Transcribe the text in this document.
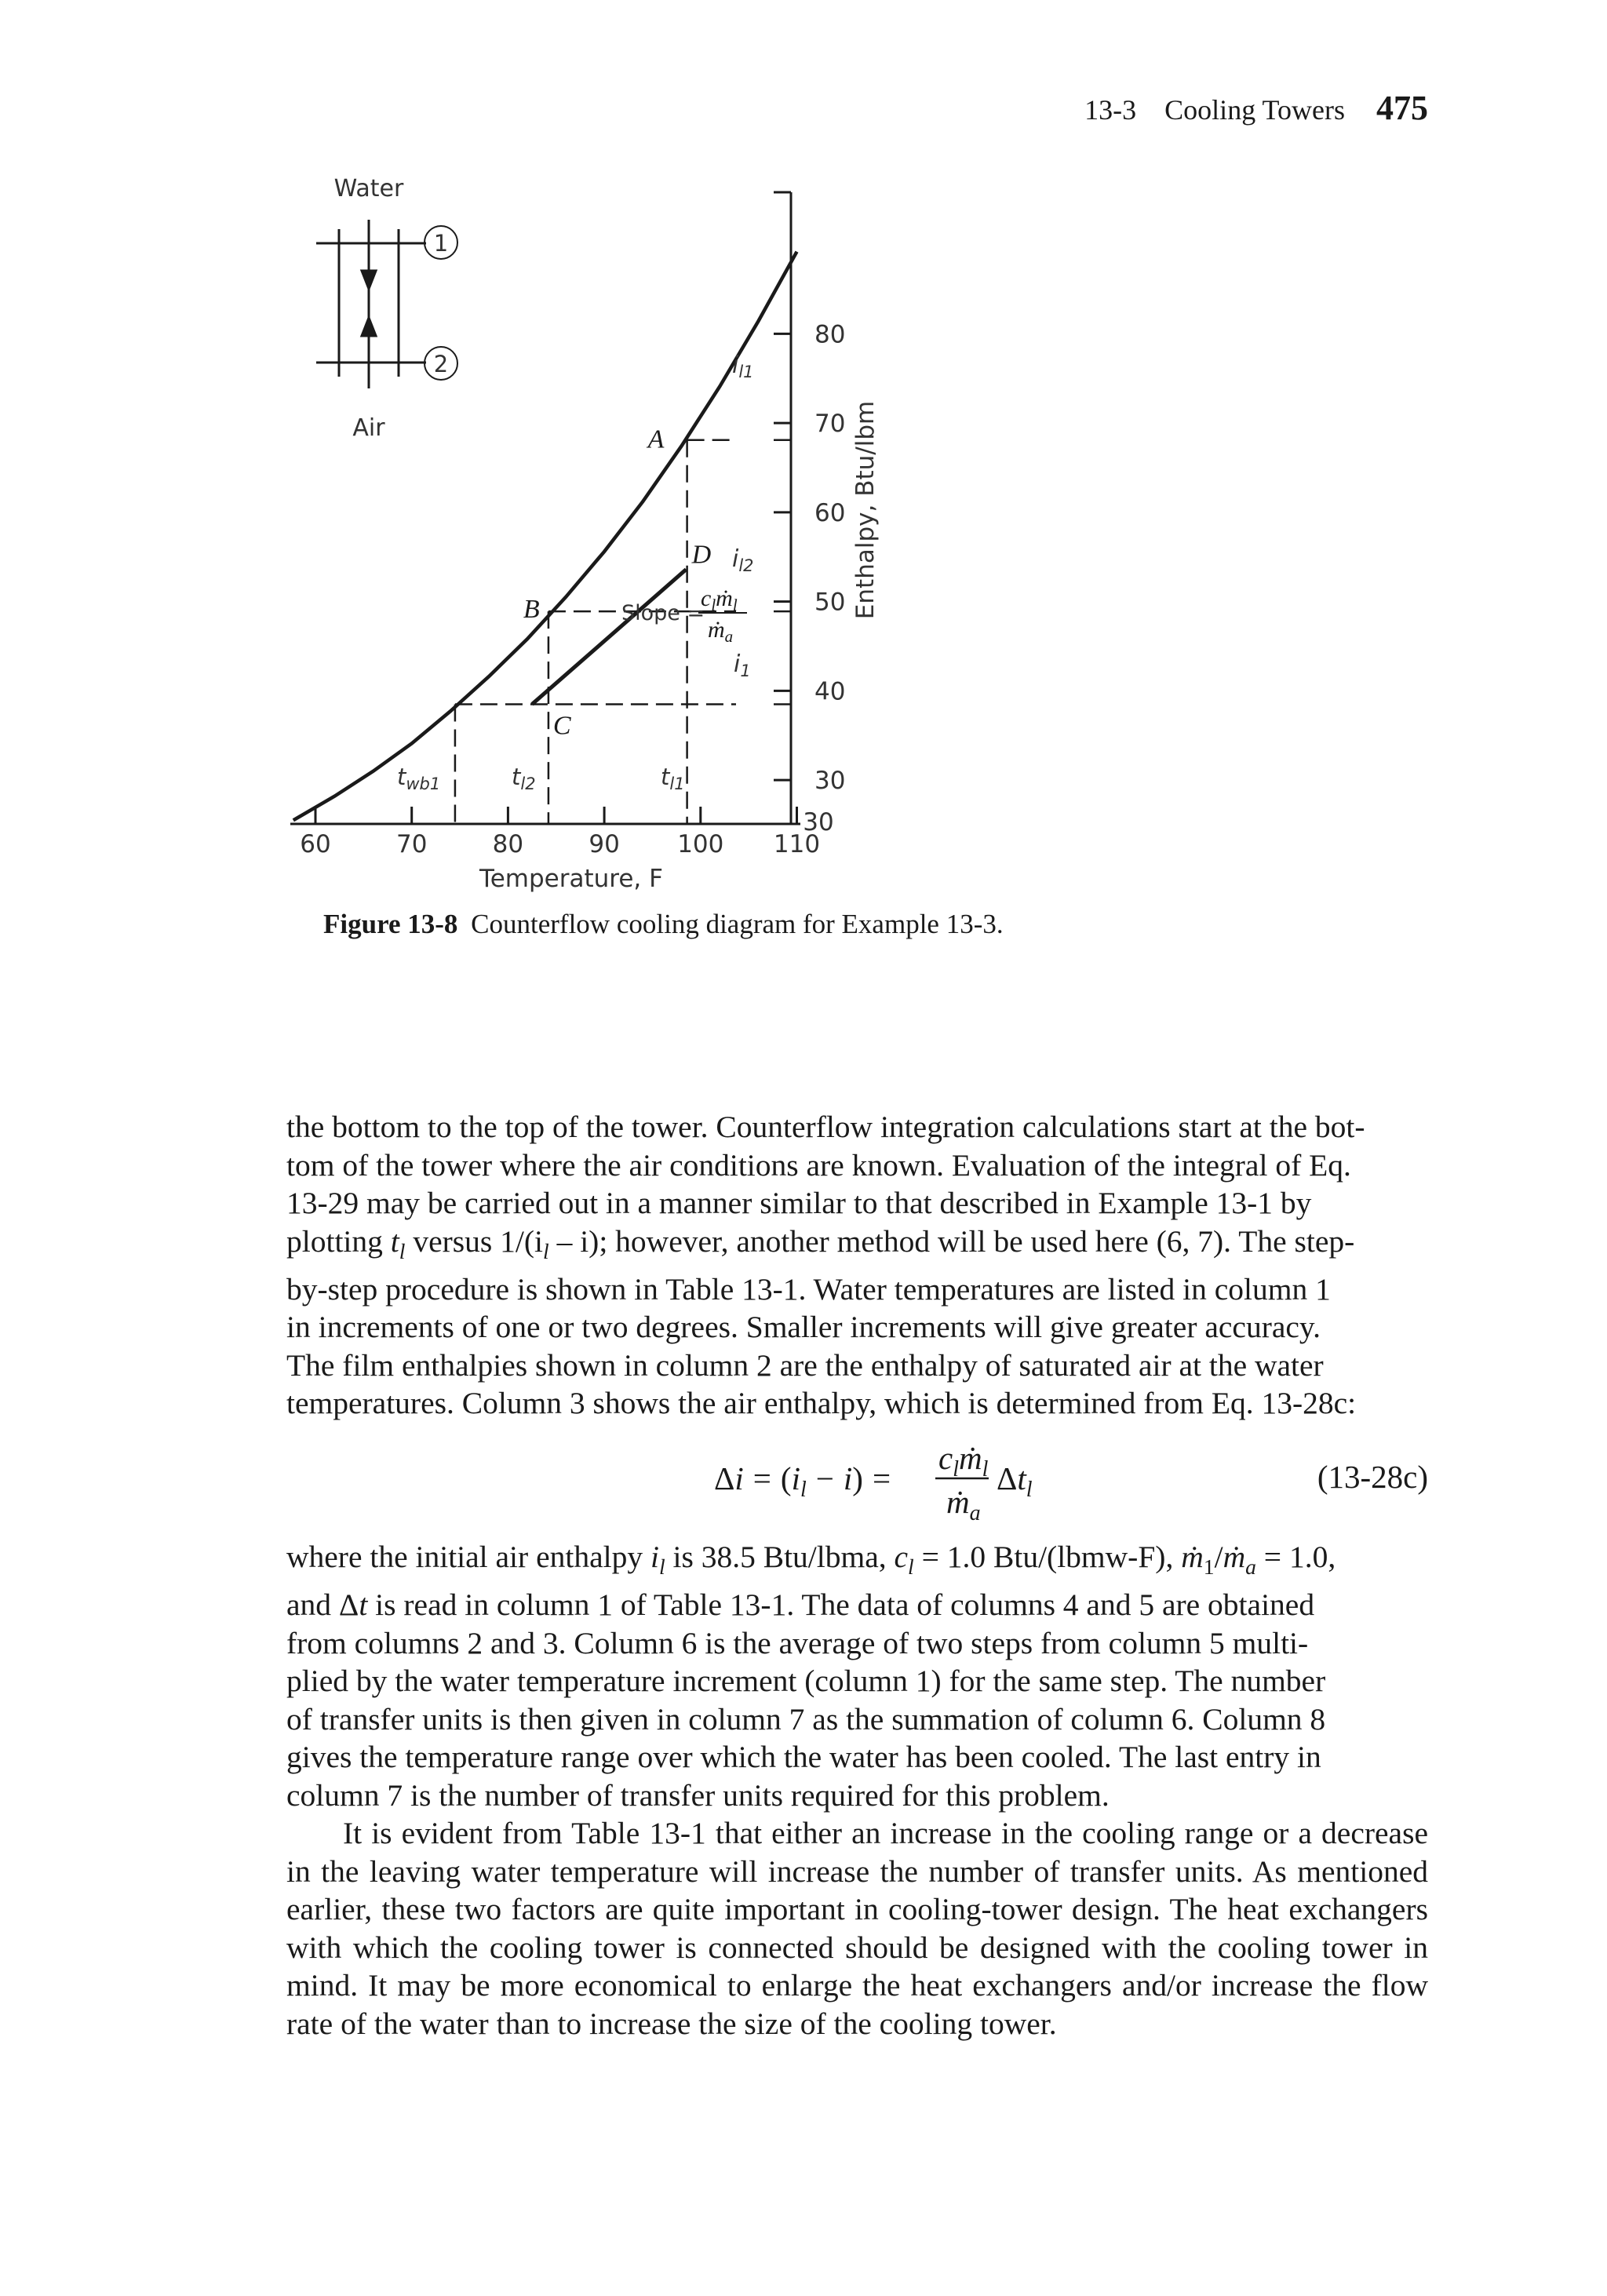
13-3 Cooling Towers 475
Water
1
2
Air
60	70	80	90 100 110
30
40
50
60
70
80
Temperature, F
Enthalpy, Btu/lbm
30
A
B
C
D
$i_{l1}$
$i_{l2}$
$i_1$
Slope =
$c_lṁ_l$
ṁ$_a$
$t_{wb1}$	$t_{l2}$	$t_{l1}$
Figure 13-8 Counterflow cooling diagram for Example 13-3.

the bottom to the top of the tower. Counterflow integration calculations start at the bot-

tom of the tower where the air conditions are known. Evaluation of the integral of Eq.

13-29 may be carried out in a manner similar to that described in Example 13-1 by

plotting $t_l$ versus $1/(i_l - i)$; however, another method will be used here (6, 7). The step-

by-step procedure is shown in Table 13-1. Water temperatures are listed in column 1

in increments of one or two degrees. Smaller increments will give greater accuracy.

The film enthalpies shown in column 2 are the enthalpy of saturated air at the water

temperatures. Column 3 shows the air enthalpy, which is determined from Eq. 13-28c:

$\Delta i = (i_l - i)$ =
$c_lṁ_l$
ṁ$_a$
$\Delta t_l$	(13-28c)

where the initial air enthalpy $i_l$ is 38.5 Btu/lbma, $c_l = 1.0$ Btu/(lbmw-F), ṁ$_1$/ṁ$_a$ = 1.0,

and Δt is read in column 1 of Table 13-1. The data of columns 4 and 5 are obtained

from columns 2 and 3. Column 6 is the average of two steps from column 5 multi-

plied by the water temperature increment (column 1) for the same step. The number

of transfer units is then given in column 7 as the summation of column 6. Column 8

gives the temperature range over which the water has been cooled. The last entry in

column 7 is the number of transfer units required for this problem.

It is evident from Table 13-1 that either an increase in the cooling range or a decrease in the leaving water temperature will increase the number of transfer units. As mentioned earlier, these two factors are quite important in cooling-tower design. The heat exchangers with which the cooling tower is connected should be designed with the cooling tower in mind. It may be more economical to enlarge the heat exchangers and/or increase the flow rate of the water than to increase the size of the cooling tower.
